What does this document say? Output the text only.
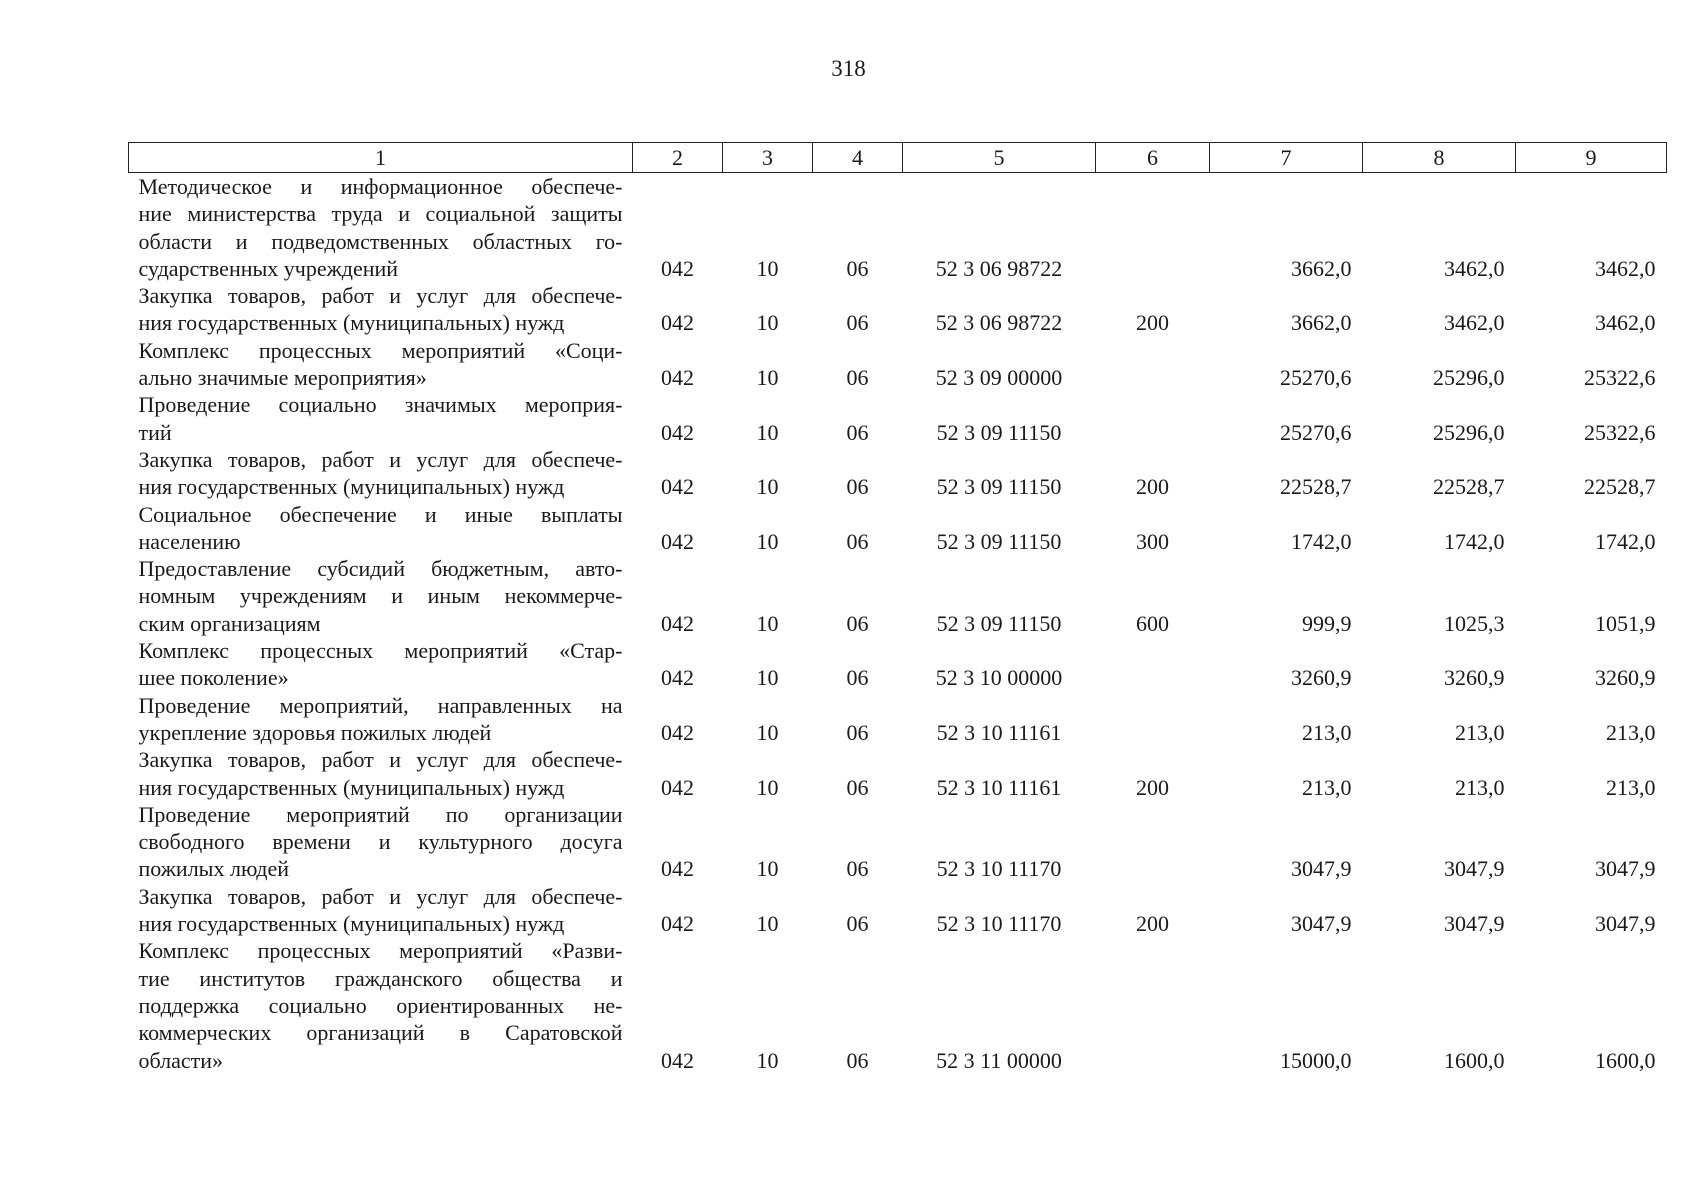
318
1	2	3	4	5	6	7	8	9

Методическое и информационное обеспече-
ние министерства труда и социальной защиты
области и подведомственных областных го-
сударственных учреждений	042	10	06	52 3 06 98722		3662,0	3462,0	3462,0

Закупка товаров, работ и услуг для обеспече-
ния государственных (муниципальных) нужд	042	10	06	52 3 06 98722	200	3662,0	3462,0	3462,0

Комплекс процессных мероприятий «Соци-
ально значимые мероприятия»	042	10	06	52 3 09 00000		25270,6	25296,0	25322,6

Проведение социально значимых мероприя-
тий	042	10	06	52 3 09 11150		25270,6	25296,0	25322,6

Закупка товаров, работ и услуг для обеспече-
ния государственных (муниципальных) нужд	042	10	06	52 3 09 11150	200	22528,7	22528,7	22528,7

Социальное обеспечение и иные выплаты
населению	042	10	06	52 3 09 11150	300	1742,0	1742,0	1742,0

Предоставление субсидий бюджетным, авто-
номным учреждениям и иным некоммерче-
ским организациям	042	10	06	52 3 09 11150	600	999,9	1025,3	1051,9

Комплекс процессных мероприятий «Стар-
шее поколение»	042	10	06	52 3 10 00000		3260,9	3260,9	3260,9

Проведение мероприятий, направленных на
укрепление здоровья пожилых людей	042	10	06	52 3 10 11161		213,0	213,0	213,0

Закупка товаров, работ и услуг для обеспече-
ния государственных (муниципальных) нужд	042	10	06	52 3 10 11161	200	213,0	213,0	213,0

Проведение мероприятий по организации
свободного времени и культурного досуга
пожилых людей	042	10	06	52 3 10 11170		3047,9	3047,9	3047,9

Закупка товаров, работ и услуг для обеспече-
ния государственных (муниципальных) нужд	042	10	06	52 3 10 11170	200	3047,9	3047,9	3047,9

Комплекс процессных мероприятий «Разви-
тие институтов гражданского общества и
поддержка социально ориентированных не-
коммерческих организаций в Саратовской
области»	042	10	06	52 3 11 00000		15000,0	1600,0	1600,0
